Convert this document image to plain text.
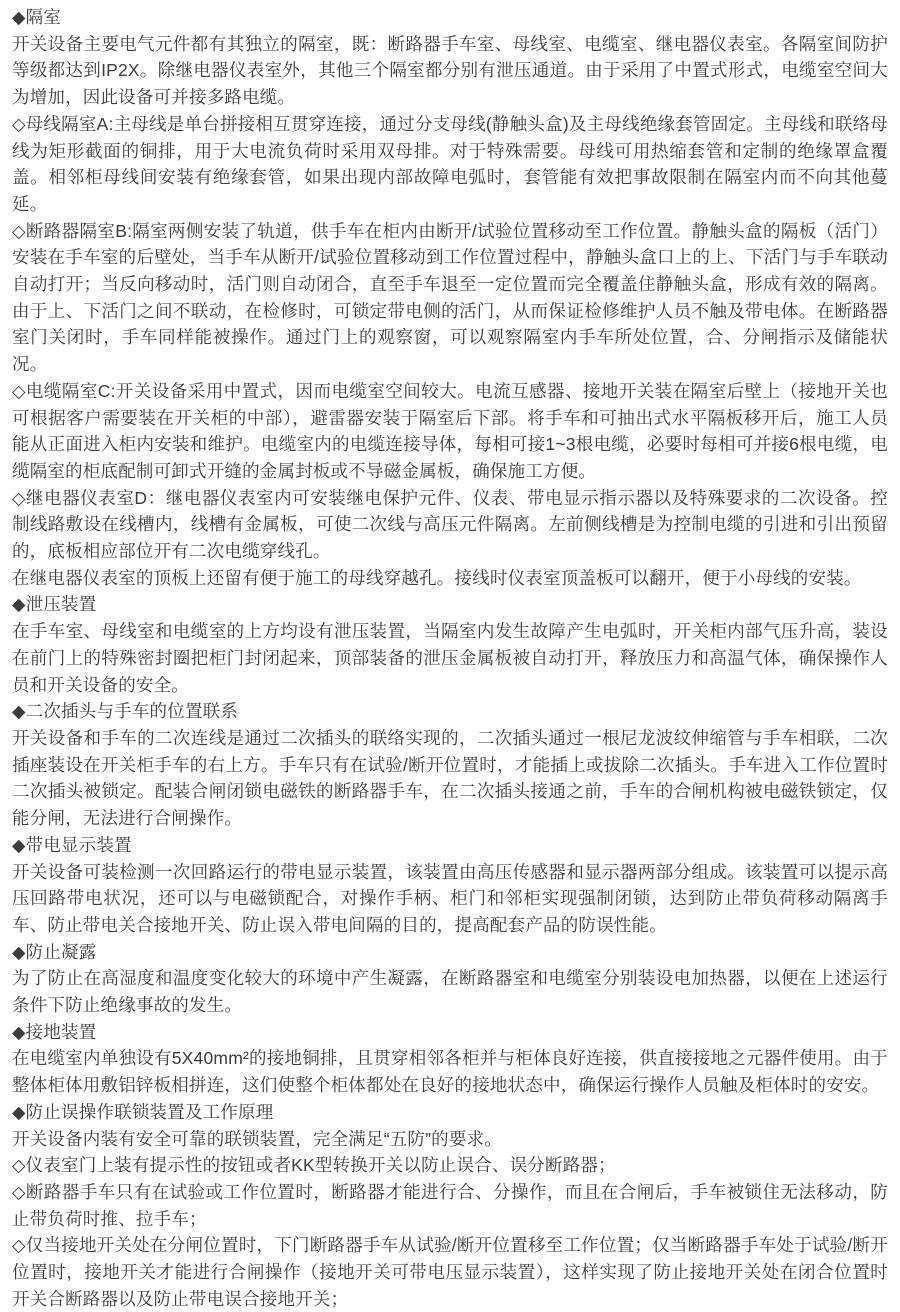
◆隔室

开关设备主要电气元件都有其独立的隔室，既：断路器手车室、母线室、电缆室、继电器仪表室。各隔室间防护等级都达到IP2X。除继电器仪表室外，其他三个隔室都分别有泄压通道。由于采用了中置式形式，电缆室空间大为增加，因此设备可并接多路电缆。

◇母线隔室A:主母线是单台拼接相互贯穿连接，通过分支母线(静触头盒)及主母线绝缘套管固定。主母线和联络母线为矩形截面的铜排，用于大电流负荷时采用双母排。对于特殊需要。母线可用热缩套管和定制的绝缘罩盒覆盖。相邻柜母线间安装有绝缘套管，如果出现内部故障电弧时，套管能有效把事故限制在隔室内而不向其他蔓延。

◇断路器隔室B:隔室两侧安装了轨道，供手车在柜内由断开/试验位置移动至工作位置。静触头盒的隔板（活门）安装在手车室的后壁处，当手车从断开/试验位置移动到工作位置过程中，静触头盒口上的上、下活门与手车联动自动打开；当反向移动时，活门则自动闭合，直至手车退至一定位置而完全覆盖住静触头盒，形成有效的隔离。由于上、下活门之间不联动，在检修时，可锁定带电侧的活门，从而保证检修维护人员不触及带电体。在断路器室门关闭时，手车同样能被操作。通过门上的观察窗，可以观察隔室内手车所处位置，合、分闸指示及储能状况。

◇电缆隔室C:开关设备采用中置式，因而电缆室空间较大。电流互感器、接地开关装在隔室后壁上（接地开关也可根据客户需要装在开关柜的中部），避雷器安装于隔室后下部。将手车和可抽出式水平隔板移开后，施工人员能从正面进入柜内安装和维护。电缆室内的电缆连接导体，每相可接1~3根电缆，必要时每相可并接6根电缆，电缆隔室的柜底配制可卸式开缝的金属封板或不导磁金属板，确保施工方便。

◇继电器仪表室D：继电器仪表室内可安装继电保护元件、仪表、带电显示指示器以及特殊要求的二次设备。控制线路敷设在线槽内，线槽有金属板，可使二次线与高压元件隔离。左前侧线槽是为控制电缆的引进和引出预留的，底板相应部位开有二次电缆穿线孔。

在继电器仪表室的顶板上还留有便于施工的母线穿越孔。接线时仪表室顶盖板可以翻开，便于小母线的安装。

◆泄压装置

在手车室、母线室和电缆室的上方均设有泄压装置，当隔室内发生故障产生电弧时，开关柜内部气压升高，装设在前门上的特殊密封圈把柜门封闭起来，顶部装备的泄压金属板被自动打开，释放压力和高温气体，确保操作人员和开关设备的安全。

◆二次插头与手车的位置联系

开关设备和手车的二次连线是通过二次插头的联络实现的，二次插头通过一根尼龙波纹伸缩管与手车相联，二次插座装设在开关柜手车的右上方。手车只有在试验/断开位置时，才能插上或拔除二次插头。手车进入工作位置时二次插头被锁定。配装合闸闭锁电磁铁的断路器手车，在二次插头接通之前，手车的合闸机构被电磁铁锁定，仅能分闸，无法进行合闸操作。

◆带电显示装置

开关设备可装检测一次回路运行的带电显示装置，该装置由高压传感器和显示器两部分组成。该装置可以提示高压回路带电状况，还可以与电磁锁配合，对操作手柄、柜门和邻柜实现强制闭锁，达到防止带负荷移动隔离手车、防止带电关合接地开关、防止误入带电间隔的目的，提高配套产品的防误性能。

◆防止凝露

为了防止在高湿度和温度变化较大的环境中产生凝露，在断路器室和电缆室分别装设电加热器，以便在上述运行条件下防止绝缘事故的发生。

◆接地装置

在电缆室内单独设有5X40mm²的接地铜排，且贯穿相邻各柜并与柜体良好连接，供直接接地之元器件使用。由于整体柜体用敷铝锌板相拼连，这们使整个柜体都处在良好的接地状态中，确保运行操作人员触及柜体时的安安。

◆防止误操作联锁装置及工作原理

开关设备内装有安全可靠的联锁装置，完全满足“五防”的要求。

◇仪表室门上装有提示性的按钮或者KK型转换开关以防止误合、误分断路器；

◇断路器手车只有在试验或工作位置时，断路器才能进行合、分操作，而且在合闸后，手车被锁住无法移动，防止带负荷时推、拉手车；

◇仅当接地开关处在分闸位置时，下门断路器手车从试验/断开位置移至工作位置；仅当断路器手车处于试验/断开位置时，接地开关才能进行合闸操作（接地开关可带电压显示装置），这样实现了防止接地开关处在闭合位置时开关合断路器以及防止带电误合接地开关；
